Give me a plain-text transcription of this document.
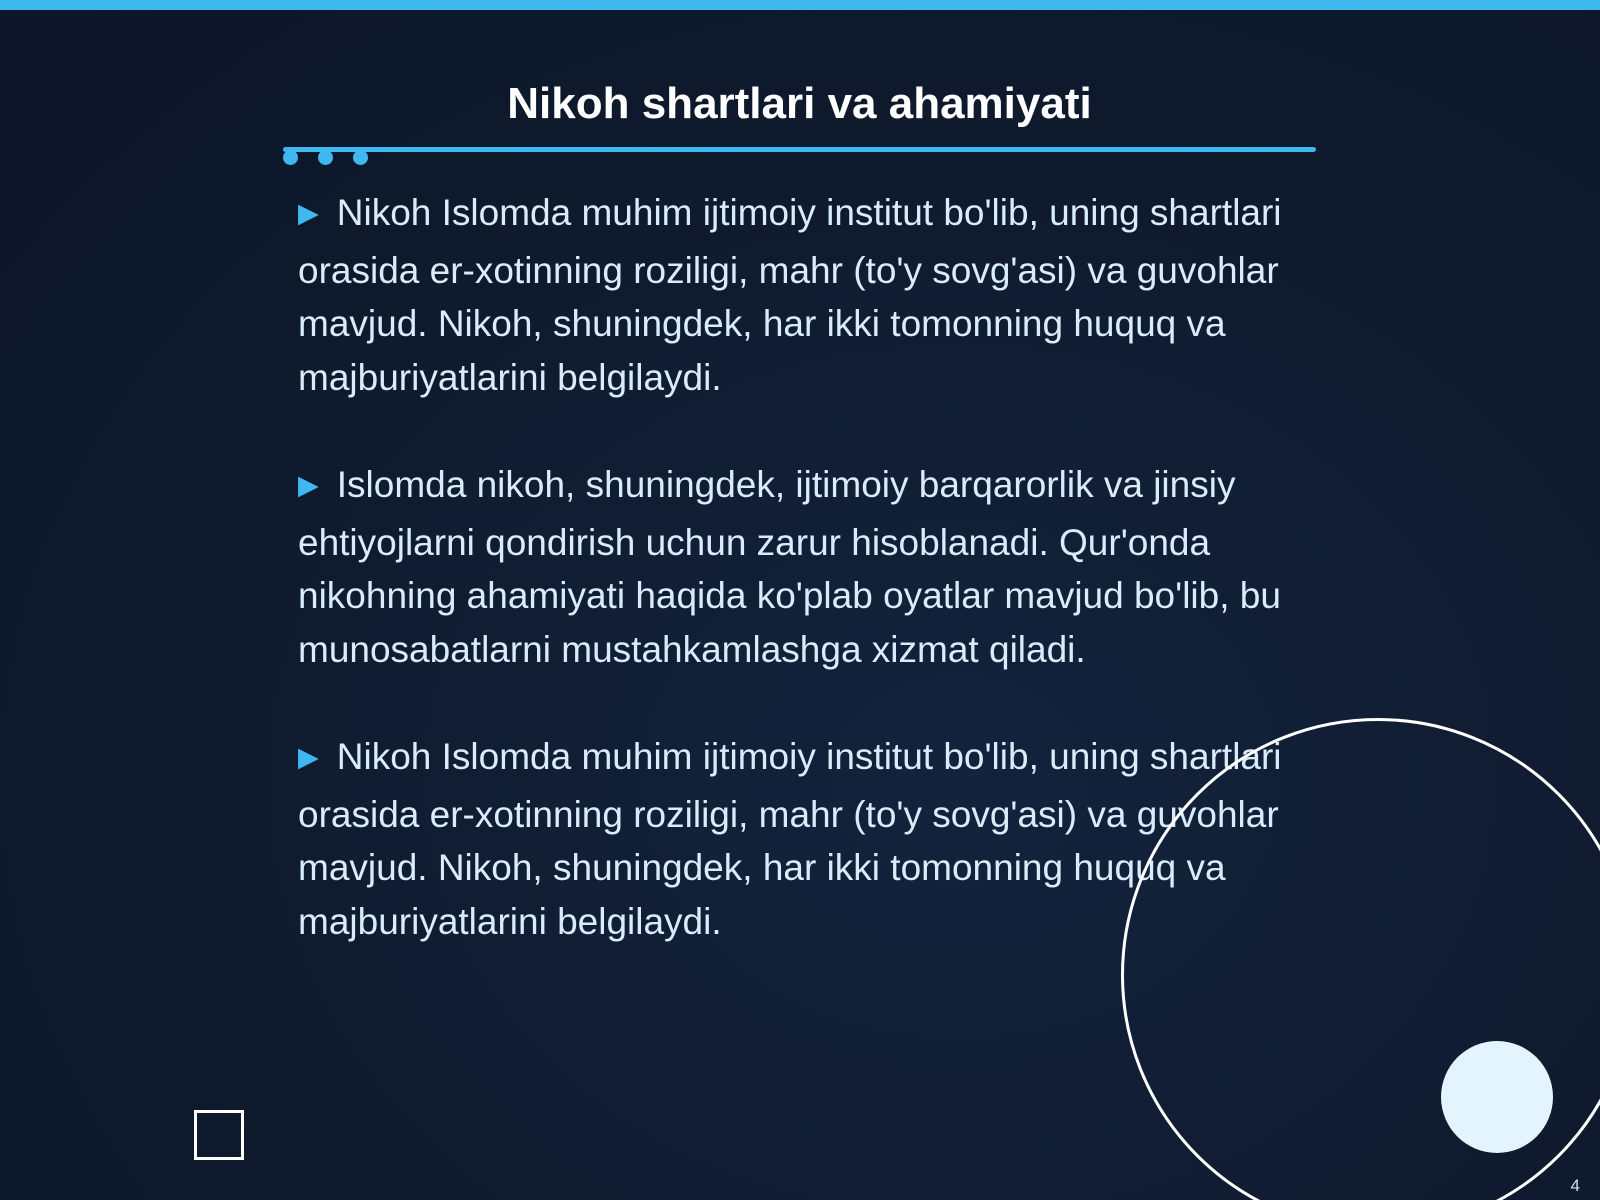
Nikoh shartlari va ahamiyati

▶ Nikoh Islomda muhim ijtimoiy institut bo'lib, uning shartlari orasida er-xotinning roziligi, mahr (to'y sovg'asi) va guvohlar mavjud. Nikoh, shuningdek, har ikki tomonning huquq va majburiyatlarini belgilaydi.

▶ Islomda nikoh, shuningdek, ijtimoiy barqarorlik va jinsiy ehtiyojlarni qondirish uchun zarur hisoblanadi. Qur'onda nikohning ahamiyati haqida ko'plab oyatlar mavjud bo'lib, bu munosabatlarni mustahkamlashga xizmat qiladi.

▶ Nikoh Islomda muhim ijtimoiy institut bo'lib, uning shartlari orasida er-xotinning roziligi, mahr (to'y sovg'asi) va guvohlar mavjud. Nikoh, shuningdek, har ikki tomonning huquq va majburiyatlarini belgilaydi.

4
